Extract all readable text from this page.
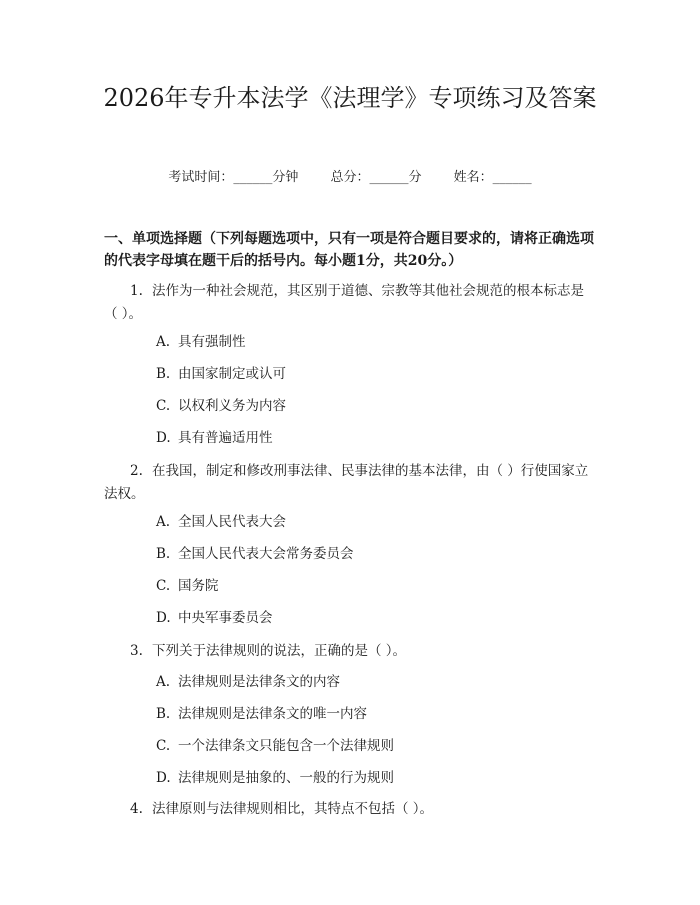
2026年专升本法学《法理学》专项练习及答案
考试时间：______分钟 总分：______分 姓名：______
一、单项选择题（下列每题选项中，只有一项是符合题目要求的，请将正确选项的代表字母填在题干后的括号内。每小题1分，共20分。）
1. 法作为一种社会规范，其区别于道德、宗教等其他社会规范的根本标志是（ ）。
A. 具有强制性
B. 由国家制定或认可
C. 以权利义务为内容
D. 具有普遍适用性
2. 在我国，制定和修改刑事法律、民事法律的基本法律，由（ ）行使国家立法权。
A. 全国人民代表大会
B. 全国人民代表大会常务委员会
C. 国务院
D. 中央军事委员会
3. 下列关于法律规则的说法，正确的是（ ）。
A. 法律规则是法律条文的内容
B. 法律规则是法律条文的唯一内容
C. 一个法律条文只能包含一个法律规则
D. 法律规则是抽象的、一般的行为规则
4. 法律原则与法律规则相比，其特点不包括（ ）。
